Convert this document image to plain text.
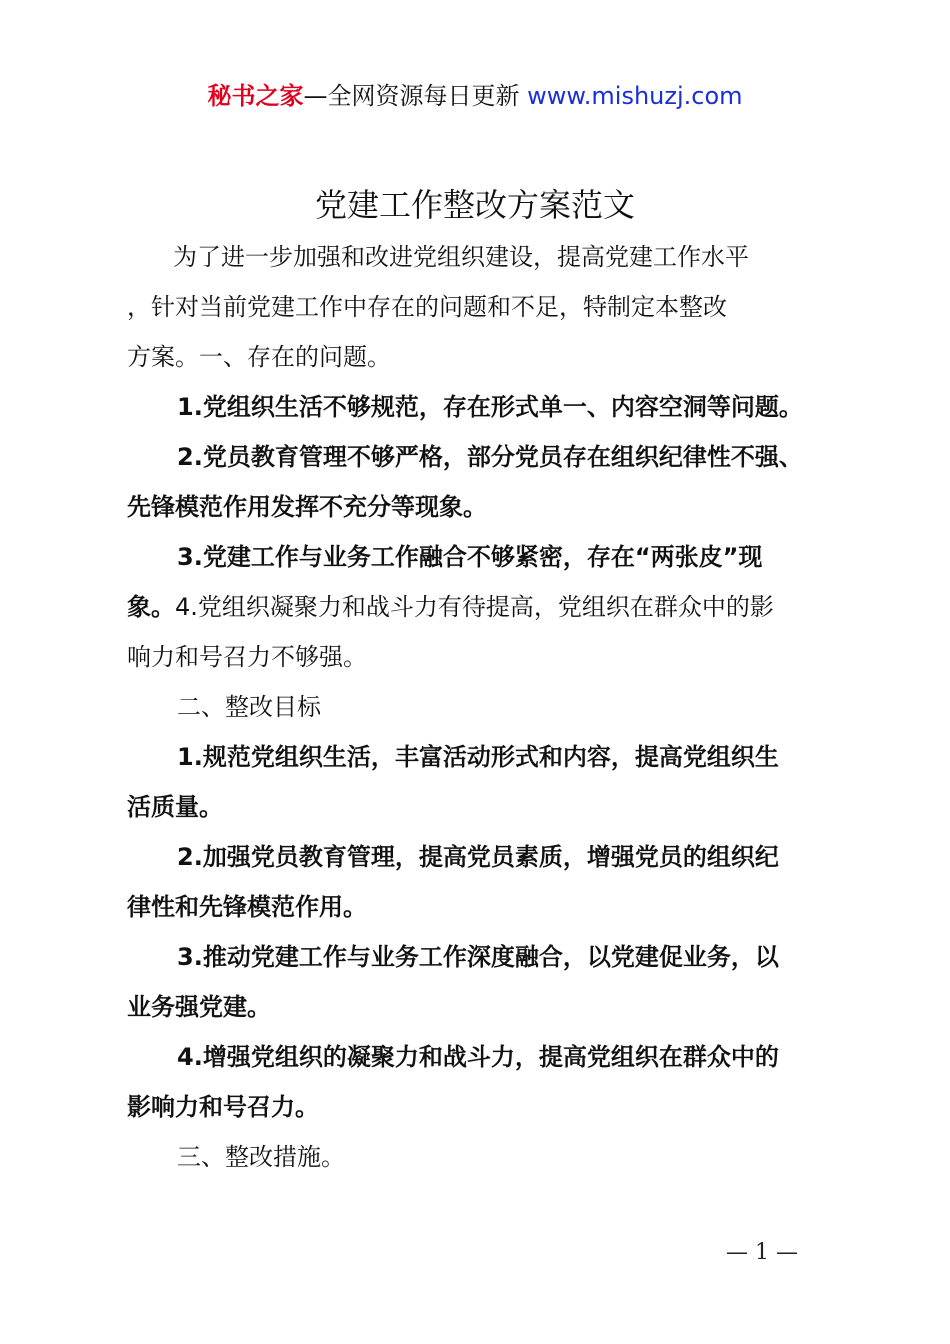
秘书之家—全网资源每日更新 www.mishuzj.com
党建工作整改方案范文
为了进一步加强和改进党组织建设，提高党建工作水平
，针对当前党建工作中存在的问题和不足，特制定本整改
方案。一、存在的问题。
1.党组织生活不够规范，存在形式单一、内容空洞等问题。
2.党员教育管理不够严格，部分党员存在组织纪律性不强、
先锋模范作用发挥不充分等现象。
3.党建工作与业务工作融合不够紧密，存在“两张皮”现
象。4.党组织凝聚力和战斗力有待提高，党组织在群众中的影
响力和号召力不够强。
二、整改目标
1.规范党组织生活，丰富活动形式和内容，提高党组织生
活质量。
2.加强党员教育管理，提高党员素质，增强党员的组织纪
律性和先锋模范作用。
3.推动党建工作与业务工作深度融合，以党建促业务，以
业务强党建。
4.增强党组织的凝聚力和战斗力，提高党组织在群众中的
影响力和号召力。
三、整改措施。
— 1 —
